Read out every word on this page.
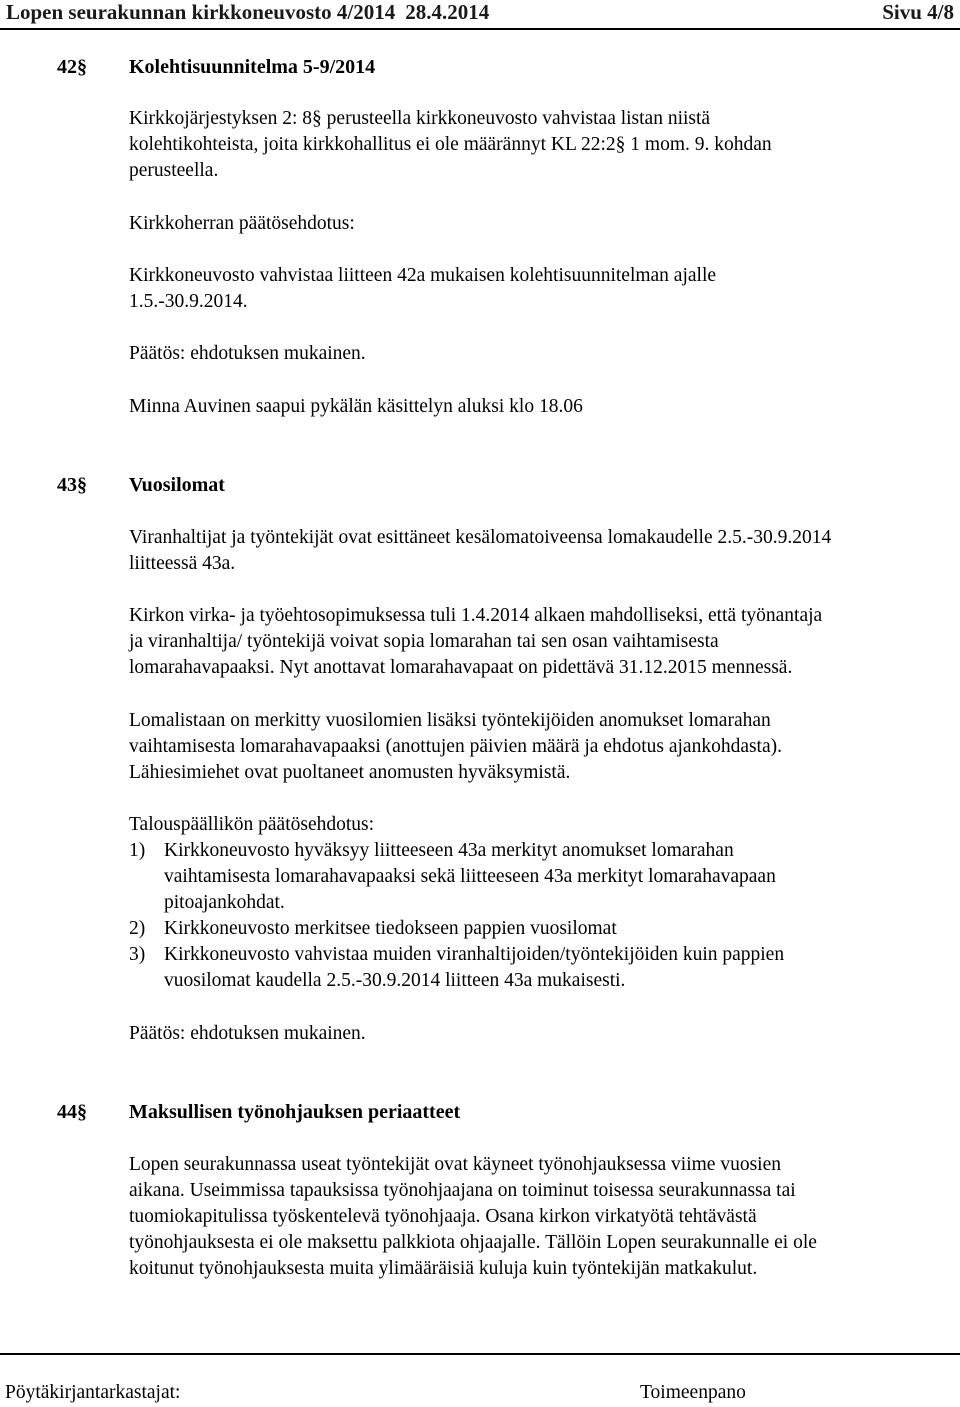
Lopen seurakunnan kirkkoneuvosto 4/2014 28.4.2014	Sivu 4/8
42§ Kolehtisuunnitelma 5-9/2014
Kirkkojärjestyksen 2: 8§ perusteella kirkkoneuvosto vahvistaa listan niistä
kolehtikohteista, joita kirkkohallitus ei ole määrännyt KL 22:2§ 1 mom. 9. kohdan
perusteella.
Kirkkoherran päätösehdotus:
Kirkkoneuvosto vahvistaa liitteen 42a mukaisen kolehtisuunnitelman ajalle
1.5.-30.9.2014.
Päätös: ehdotuksen mukainen.
Minna Auvinen saapui pykälän käsittelyn aluksi klo 18.06
43§ Vuosilomat
Viranhaltijat ja työntekijät ovat esittäneet kesälomatoiveensa lomakaudelle 2.5.-30.9.2014
liitteessä 43a.
Kirkon virka- ja työehtosopimuksessa tuli 1.4.2014 alkaen mahdolliseksi, että työnantaja
ja viranhaltija/ työntekijä voivat sopia lomarahan tai sen osan vaihtamisesta
lomarahavapaaksi. Nyt anottavat lomarahavapaat on pidettävä 31.12.2015 mennessä.
Lomalistaan on merkitty vuosilomien lisäksi työntekijöiden anomukset lomarahan
vaihtamisesta lomarahavapaaksi (anottujen päivien määrä ja ehdotus ajankohdasta).
Lähiesimiehet ovat puoltaneet anomusten hyväksymistä.
Talouspäällikön päätösehdotus:
1) Kirkkoneuvosto hyväksyy liitteeseen 43a merkityt anomukset lomarahan
vaihtamisesta lomarahavapaaksi sekä liitteeseen 43a merkityt lomarahavapaan
pitoajankohdat.
2) Kirkkoneuvosto merkitsee tiedokseen pappien vuosilomat
3) Kirkkoneuvosto vahvistaa muiden viranhaltijoiden/työntekijöiden kuin pappien
vuosilomat kaudella 2.5.-30.9.2014 liitteen 43a mukaisesti.
Päätös: ehdotuksen mukainen.
44§ Maksullisen työnohjauksen periaatteet
Lopen seurakunnassa useat työntekijät ovat käyneet työnohjauksessa viime vuosien
aikana. Useimmissa tapauksissa työnohjaajana on toiminut toisessa seurakunnassa tai
tuomiokapitulissa työskentelevä työnohjaaja. Osana kirkon virkatyötä tehtävästä
työnohjauksesta ei ole maksettu palkkiota ohjaajalle. Tällöin Lopen seurakunnalle ei ole
koitunut työnohjauksesta muita ylimääräisiä kuluja kuin työntekijän matkakulut.
Pöytäkirjantarkastajat:	Toimeenpano
